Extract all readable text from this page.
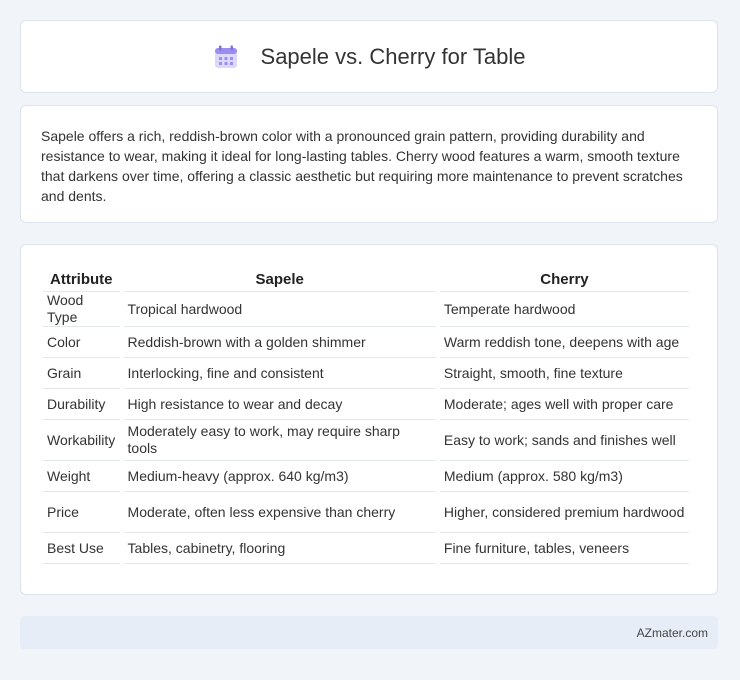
Sapele vs. Cherry for Table

Sapele offers a rich, reddish-brown color with a pronounced grain pattern, providing durability and resistance to wear, making it ideal for long-lasting tables. Cherry wood features a warm, smooth texture that darkens over time, offering a classic aesthetic but requiring more maintenance to prevent scratches and dents.

Attribute	Sapele	Cherry
Wood Type	Tropical hardwood	Temperate hardwood
Color	Reddish-brown with a golden shimmer	Warm reddish tone, deepens with age
Grain	Interlocking, fine and consistent	Straight, smooth, fine texture
Durability	High resistance to wear and decay	Moderate; ages well with proper care
Workability	Moderately easy to work, may require sharp tools	Easy to work; sands and finishes well
Weight	Medium-heavy (approx. 640 kg/m3)	Medium (approx. 580 kg/m3)
Price	Moderate, often less expensive than cherry	Higher, considered premium hardwood
Best Use	Tables, cabinetry, flooring	Fine furniture, tables, veneers
AZmater.com
